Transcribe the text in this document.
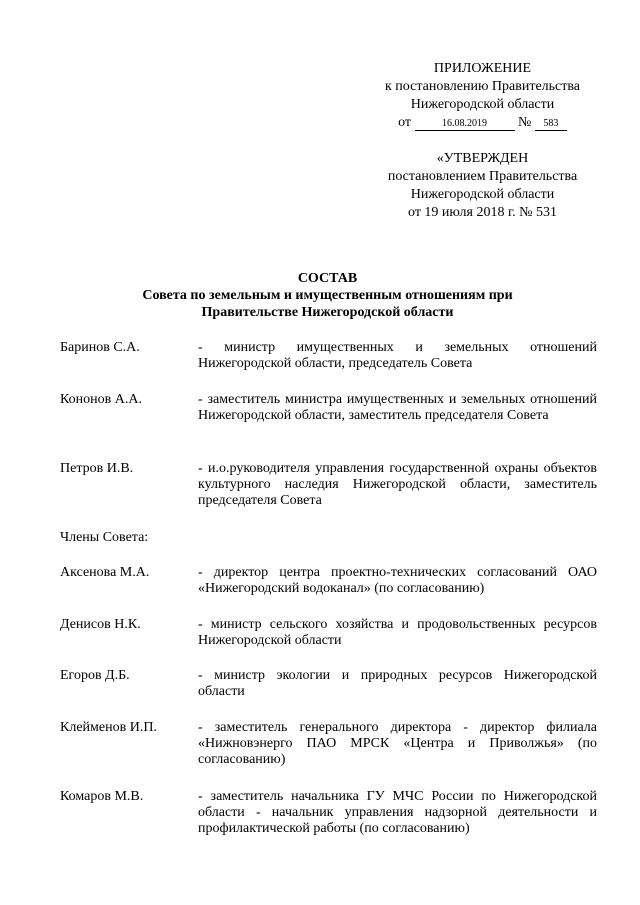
ПРИЛОЖЕНИЕ
к постановлению Правительства
Нижегородской области
от	16.08.2019 № 583
«УТВЕРЖДЕН
постановлением Правительства
Нижегородской области
от 19 июля 2018 г. № 531
СОСТАВ
Совета по земельным и имущественным отношениям при
Правительстве Нижегородской области
Баринов С.А.	- министр имущественных и земельных отношений Нижегородской области, председатель Совета
Кононов А.А.	- заместитель министра имущественных и земельных отношений Нижегородской области, заместитель председателя Совета
Петров И.В.	- и.о.руководителя управления государственной охраны объектов культурного наследия Нижегородской области, заместитель председателя Совета
Члены Совета:
Аксенова М.А.	- директор центра проектно-технических согласований ОАО «Нижегородский водоканал» (по согласованию)
Денисов Н.К.	- министр сельского хозяйства и продовольственных ресурсов Нижегородской области
Егоров Д.Б.	- министр экологии и природных ресурсов Нижегородской области
Клейменов И.П.	- заместитель генерального директора - директор филиала «Нижновэнерго ПАО МРСК «Центра и Приволжья» (по согласованию)
Комаров М.В.	- заместитель начальника ГУ МЧС России по Нижегородской области - начальник управления надзорной деятельности и профилактической работы (по согласованию)
